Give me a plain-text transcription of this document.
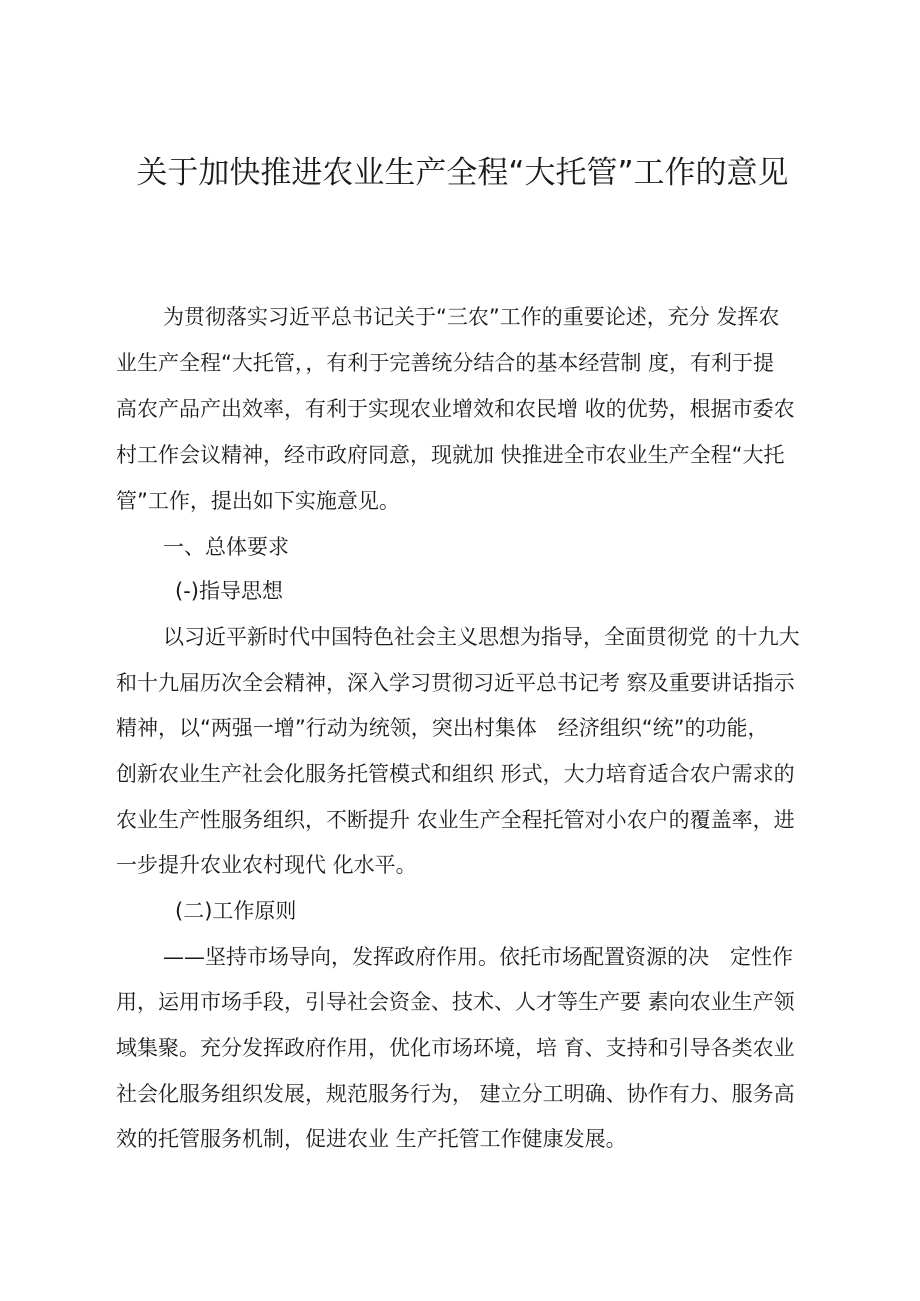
关于加快推进农业生产全程“大托管”工作的意见

为贯彻落实习近平总书记关于“三农”工作的重要论述，充分 发挥农

业生产全程“大托管，，有利于完善统分结合的基本经营制 度，有利于提

高农产品产出效率，有利于实现农业增效和农民增 收的优势，根据市委农

村工作会议精神，经市政府同意，现就加 快推进全市农业生产全程“大托

管”工作，提出如下实施意见。

一、总体要求

(-)指导思想

以习近平新时代中国特色社会主义思想为指导，全面贯彻党 的十九大

和十九届历次全会精神，深入学习贯彻习近平总书记考 察及重要讲话指示

精神，以“两强一增”行动为统领，突出村集体　经济组织“统”的功能，

创新农业生产社会化服务托管模式和组织 形式，大力培育适合农户需求的

农业生产性服务组织，不断提升 农业生产全程托管对小农户的覆盖率，进

一步提升农业农村现代 化水平。

(二)工作原则

——坚持市场导向，发挥政府作用。依托市场配置资源的决　定性作

用，运用市场手段，引导社会资金、技术、人才等生产要 素向农业生产领

域集聚。充分发挥政府作用，优化市场环境，培 育、支持和引导各类农业

社会化服务组织发展，规范服务行为， 建立分工明确、协作有力、服务高

效的托管服务机制，促进农业 生产托管工作健康发展。
